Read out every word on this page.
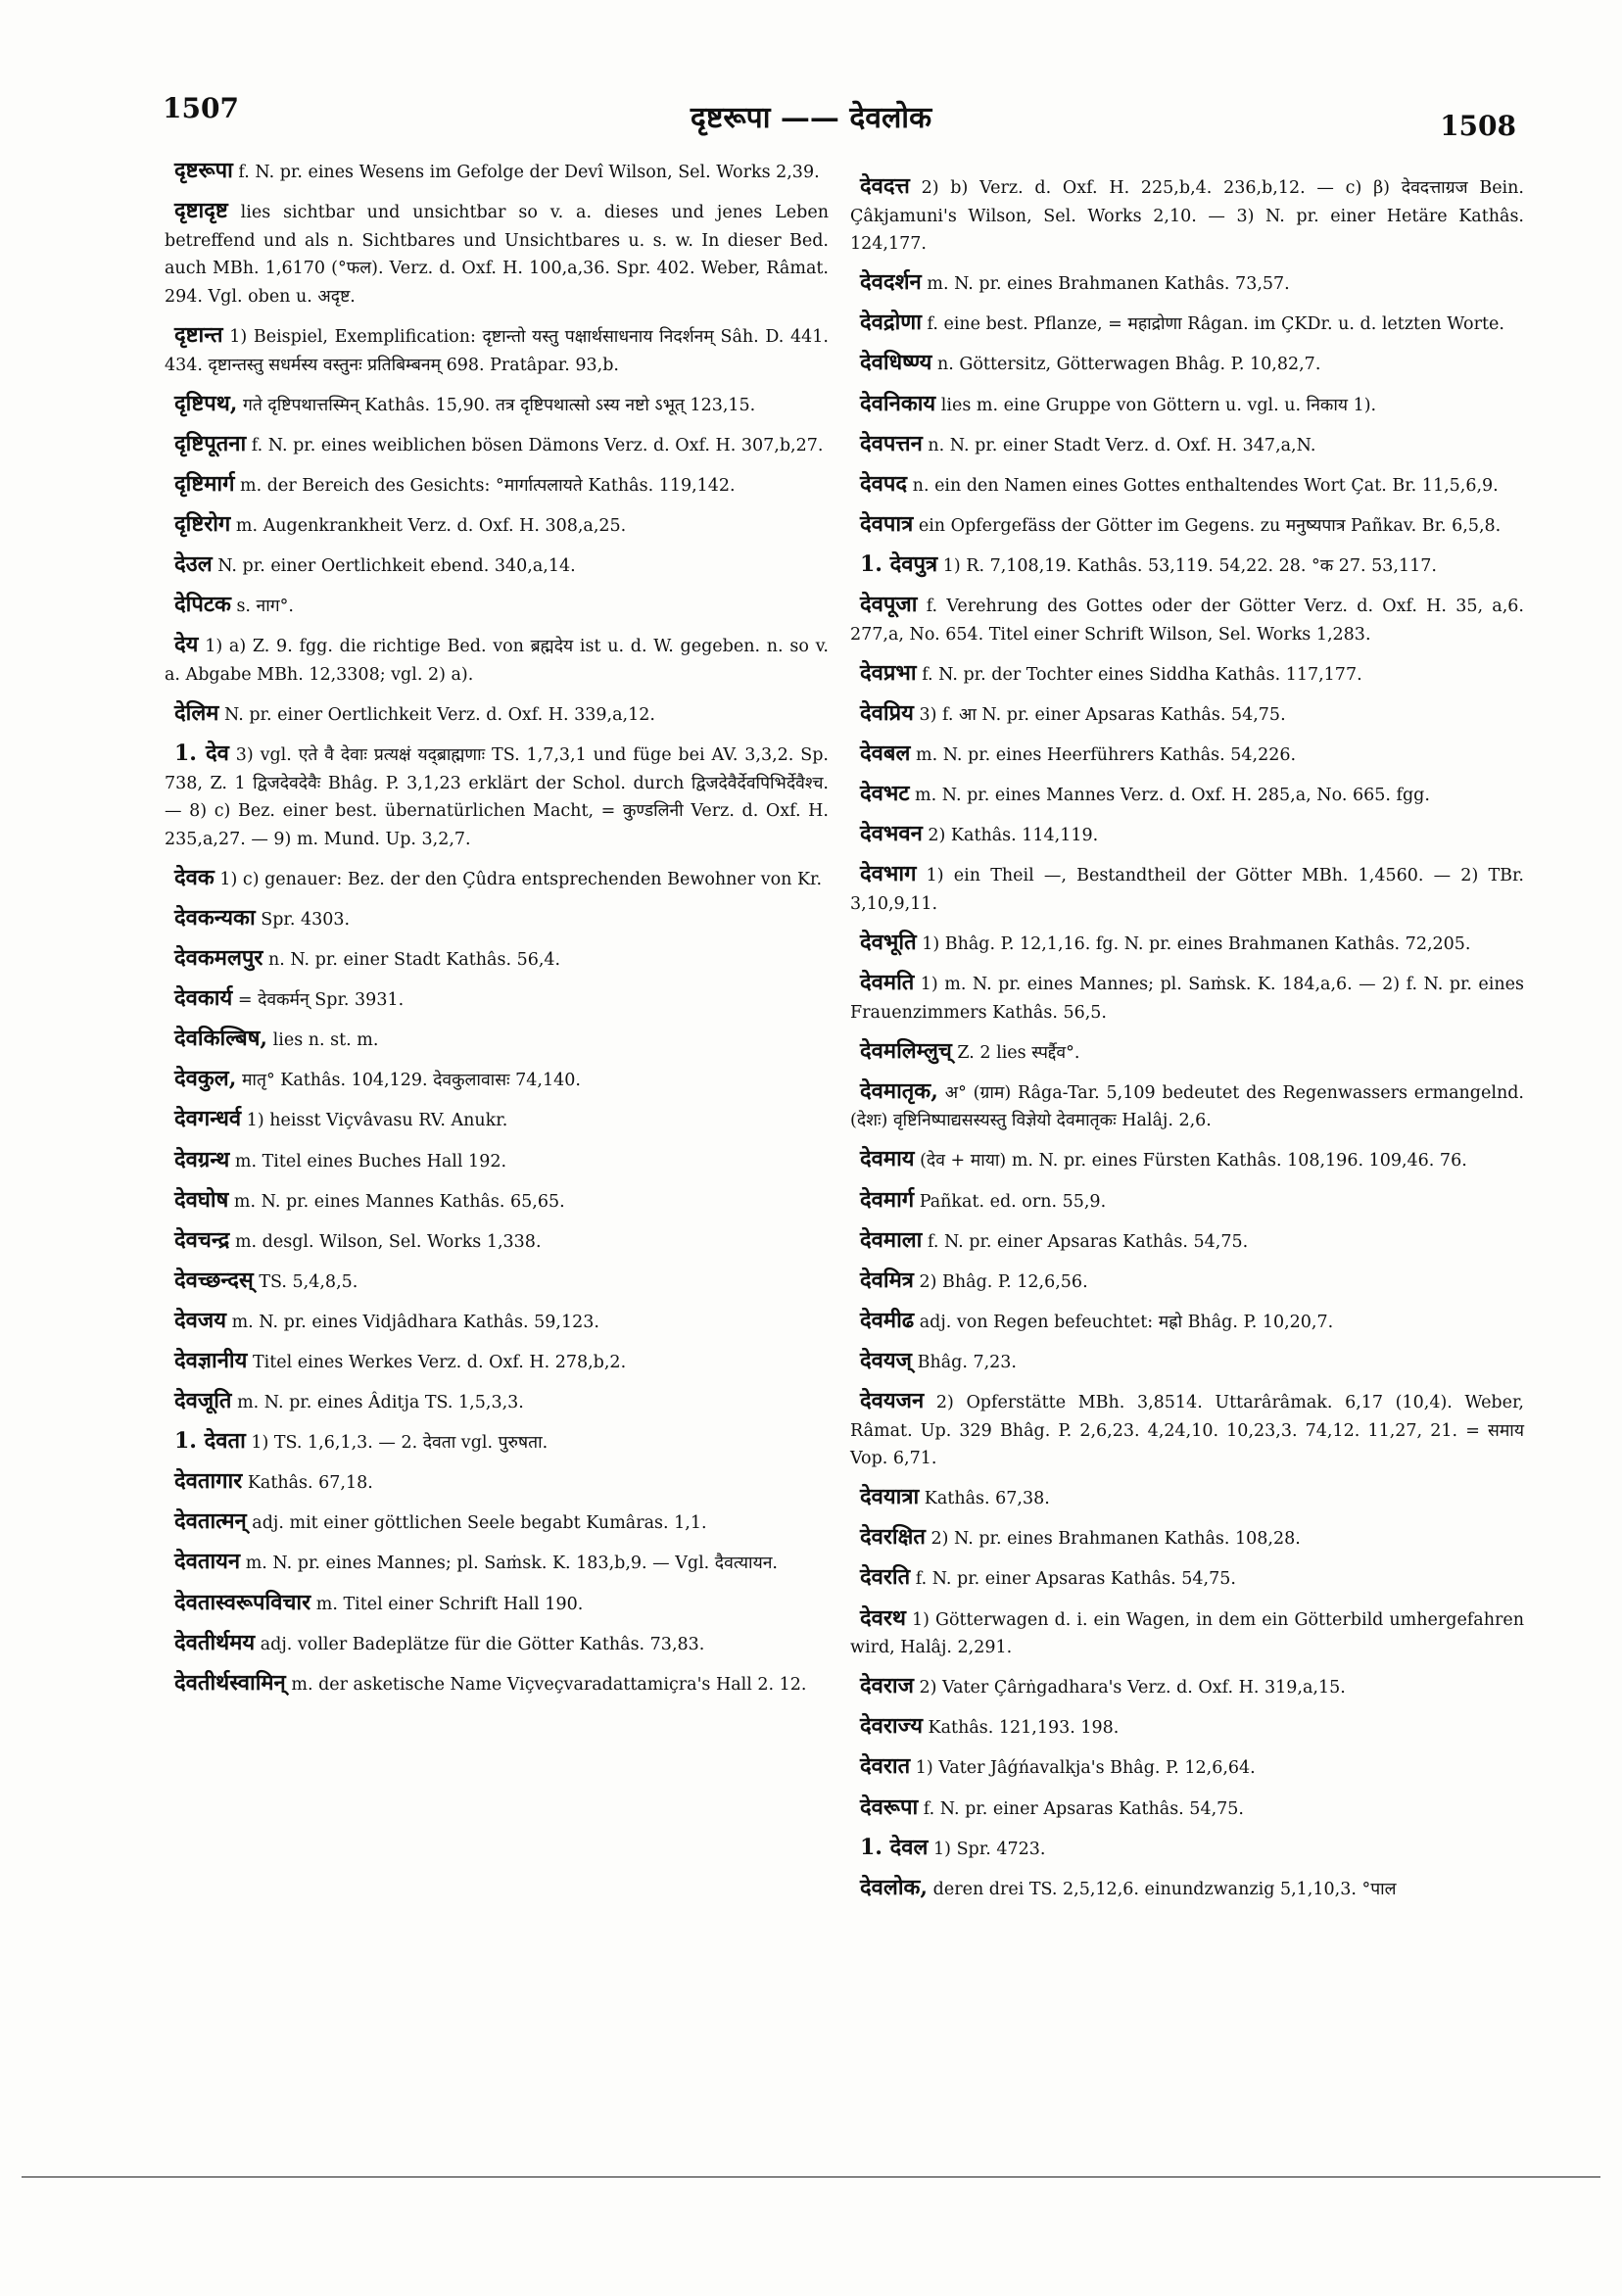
1507	दृष्टरूपा —— देवलोक	1508

दृष्टरूपा f. N. pr. eines Wesens im Gefolge der Devî Wilson, Sel. Works 2,39.

दृष्टादृष्ट lies sichtbar und unsichtbar so v. a. dieses und jenes Leben betreffend und als n. Sichtbares und Unsichtbares u. s. w. In dieser Bed. auch MBh. 1,6170 (°फल). Verz. d. Oxf. H. 100,a,36. Spr. 402. Weber, Râmat. 294. Vgl. oben u. अदृष्ट.

दृष्टान्त 1) Beispiel, Exemplification: दृष्टान्तो यस्तु पक्षार्थसाधनाय निदर्शनम् Sâh. D. 441. 434. दृष्टान्तस्तु सधर्मस्य वस्तुनः प्रतिबिम्बनम् 698. Pratâpar. 93,b.

दृष्टिपथ, गते दृष्टिपथात्तस्मिन् Kathâs. 15,90. तत्र दृष्टिपथात्सो ऽस्य नष्टो ऽभूत् 123,15.

दृष्टिपूतना f. N. pr. eines weiblichen bösen Dämons Verz. d. Oxf. H. 307,b,27.

दृष्टिमार्ग m. der Bereich des Gesichts: °मार्गात्पलायते Kathâs. 119,142.

दृष्टिरोग m. Augenkrankheit Verz. d. Oxf. H. 308,a,25.

देउल N. pr. einer Oertlichkeit ebend. 340,a,14.

देपिटक s. नाग°.

देय 1) a) Z. 9. fgg. die richtige Bed. von ब्रह्मदेय ist u. d. W. gegeben. n. so v. a. Abgabe MBh. 12,3308; vgl. 2) a).

देलिम N. pr. einer Oertlichkeit Verz. d. Oxf. H. 339,a,12.

1. देव 3) vgl. एते वै देवाः प्रत्यक्षं यद्ब्राह्मणाः TS. 1,7,3,1 und füge bei AV. 3,3,2. Sp. 738, Z. 1 द्विजदेवदेवैः Bhâg. P. 3,1,23 erklärt der Schol. durch द्विजदेवैर्देवपिभिर्देवैश्च. — 8) c) Bez. einer best. übernatürlichen Macht, = कुण्डलिनी Verz. d. Oxf. H. 235,a,27. — 9) m. Mund. Up. 3,2,7.

देवक 1) c) genauer: Bez. der den Çûdra entsprechenden Bewohner von Kr.

देवकन्यका Spr. 4303.

देवकमलपुर n. N. pr. einer Stadt Kathâs. 56,4.

देवकार्य = देवकर्मन् Spr. 3931.

देवकिल्बिष, lies n. st. m.

देवकुल, मातृ° Kathâs. 104,129. देवकुलावासः 74,140.

देवगन्धर्व 1) heisst Viçvâvasu RV. Anukr.

देवग्रन्थ m. Titel eines Buches Hall 192.

देवघोष m. N. pr. eines Mannes Kathâs. 65,65.

देवचन्द्र m. desgl. Wilson, Sel. Works 1,338.

देवच्छन्दस् TS. 5,4,8,5.

देवजय m. N. pr. eines Vidjâdhara Kathâs. 59,123.

देवज्ञानीय Titel eines Werkes Verz. d. Oxf. H. 278,b,2.

देवजूति m. N. pr. eines Âditja TS. 1,5,3,3.

1. देवता 1) TS. 1,6,1,3. — 2. देवता vgl. पुरुषता.

देवतागार Kathâs. 67,18.

देवतात्मन् adj. mit einer göttlichen Seele begabt Kumâras. 1,1.

देवतायन m. N. pr. eines Mannes; pl. Saṁsk. K. 183,b,9. — Vgl. दैवत्यायन.

देवतास्वरूपविचार m. Titel einer Schrift Hall 190.

देवतीर्थमय adj. voller Badeplätze für die Götter Kathâs. 73,83.

देवतीर्थस्वामिन् m. der asketische Name Viçveçvaradattamiçra's Hall 2. 12.

देवदत्त 2) b) Verz. d. Oxf. H. 225,b,4. 236,b,12. — c) β) देवदत्ताग्रज Bein. Çâkjamuni's Wilson, Sel. Works 2,10. — 3) N. pr. einer Hetäre Kathâs. 124,177.

देवदर्शन m. N. pr. eines Brahmanen Kathâs. 73,57.

देवद्रोणा f. eine best. Pflanze, = महाद्रोणा Râgan. im ÇKDr. u. d. letzten Worte.

देवधिष्ण्य n. Göttersitz, Götterwagen Bhâg. P. 10,82,7.

देवनिकाय lies m. eine Gruppe von Göttern u. vgl. u. निकाय 1).

देवपत्तन n. N. pr. einer Stadt Verz. d. Oxf. H. 347,a,N.

देवपद n. ein den Namen eines Gottes enthaltendes Wort Çat. Br. 11,5,6,9.

देवपात्र ein Opfergefäss der Götter im Gegens. zu मनुष्यपात्र Pañkav. Br. 6,5,8.

1. देवपुत्र 1) R. 7,108,19. Kathâs. 53,119. 54,22. 28. °क 27. 53,117.

देवपूजा f. Verehrung des Gottes oder der Götter Verz. d. Oxf. H. 35, a,6. 277,a, No. 654. Titel einer Schrift Wilson, Sel. Works 1,283.

देवप्रभा f. N. pr. der Tochter eines Siddha Kathâs. 117,177.

देवप्रिय 3) f. आ N. pr. einer Apsaras Kathâs. 54,75.

देवबल m. N. pr. eines Heerführers Kathâs. 54,226.

देवभट m. N. pr. eines Mannes Verz. d. Oxf. H. 285,a, No. 665. fgg.

देवभवन 2) Kathâs. 114,119.

देवभाग 1) ein Theil —, Bestandtheil der Götter MBh. 1,4560. — 2) TBr. 3,10,9,11.

देवभूति 1) Bhâg. P. 12,1,16. fg. N. pr. eines Brahmanen Kathâs. 72,205.

देवमति 1) m. N. pr. eines Mannes; pl. Saṁsk. K. 184,a,6. — 2) f. N. pr. eines Frauenzimmers Kathâs. 56,5.

देवमलिम्लुच् Z. 2 lies स्पर्द्दैव°.

देवमातृक, अ° (ग्राम) Râga-Tar. 5,109 bedeutet des Regenwassers ermangelnd. (देशः) वृष्टिनिष्पाद्यसस्यस्तु विज्ञेयो देवमातृकः Halâj. 2,6.

देवमाय (देव + माया) m. N. pr. eines Fürsten Kathâs. 108,196. 109,46. 76.

देवमार्ग Pañkat. ed. orn. 55,9.

देवमाला f. N. pr. einer Apsaras Kathâs. 54,75.

देवमित्र 2) Bhâg. P. 12,6,56.

देवमीढ adj. von Regen befeuchtet: मह्रो Bhâg. P. 10,20,7.

देवयज् Bhâg. 7,23.

देवयजन 2) Opferstätte MBh. 3,8514. Uttarârâmak. 6,17 (10,4). Weber, Râmat. Up. 329 Bhâg. P. 2,6,23. 4,24,10. 10,23,3. 74,12. 11,27, 21. = समाय Vop. 6,71.

देवयात्रा Kathâs. 67,38.

देवरक्षित 2) N. pr. eines Brahmanen Kathâs. 108,28.

देवरति f. N. pr. einer Apsaras Kathâs. 54,75.

देवरथ 1) Götterwagen d. i. ein Wagen, in dem ein Götterbild umhergefahren wird, Halâj. 2,291.

देवराज 2) Vater Çârṅgadhara's Verz. d. Oxf. H. 319,a,15.

देवराज्य Kathâs. 121,193. 198.

देवरात 1) Vater Jâǵńavalkja's Bhâg. P. 12,6,64.

देवरूपा f. N. pr. einer Apsaras Kathâs. 54,75.

1. देवल 1) Spr. 4723.

देवलोक, deren drei TS. 2,5,12,6. einundzwanzig 5,1,10,3. °पाल
